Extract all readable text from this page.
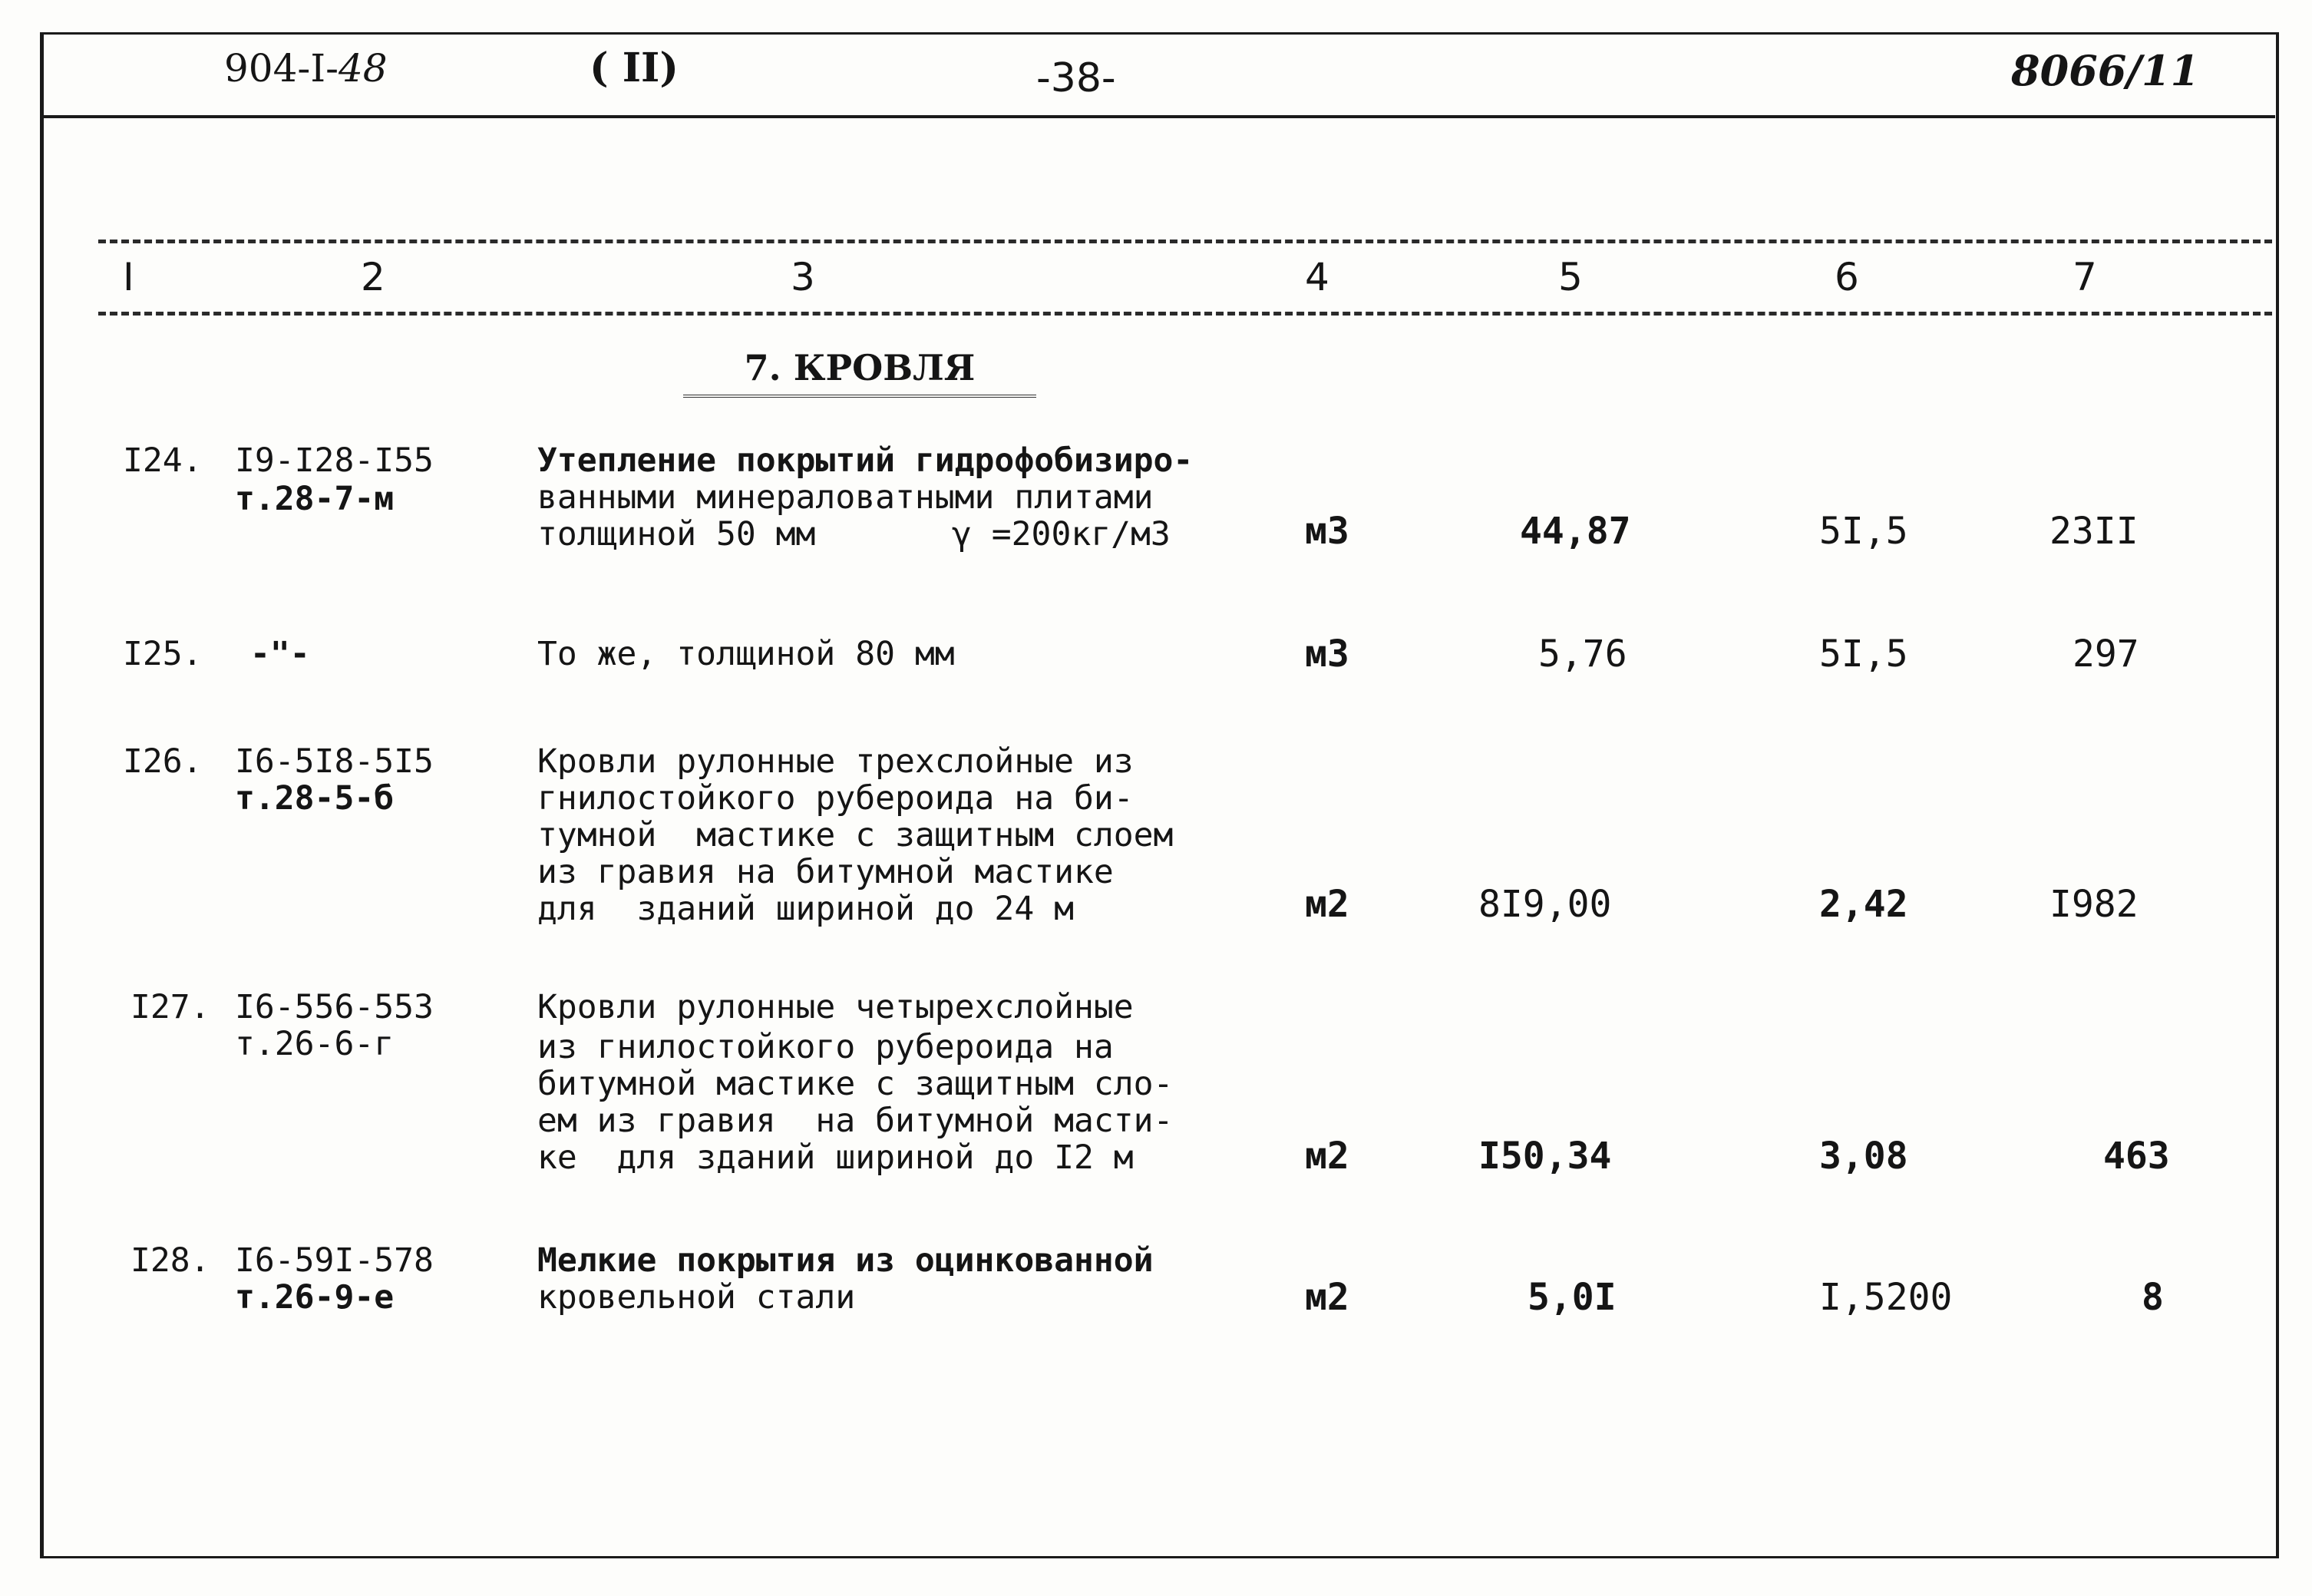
904-I-48	( II)	-38-	8066/11
I	2	3	4	5	6	7
7. КРОВЛЯ
I24. I9-I28-I55
т.28-7-м
Утепление покрытий гидрофобизиро-
ванными минераловатными плитами
толщиной 50 мм	γ =200кг/м3	м3	44,87	5I,5	23II
I25. -"-	То же, толщиной 80 мм	м3	5,76	5I,5	297
I26. I6-5I8-5I5
т.28-5-б
Кровли рулонные трехслойные из
гнилостойкого рубероида на би-
тумной  мастике с защитным слоем
из гравия на битумной мастике
для  зданий шириной до 24 м	м2	8I9,00	2,42	I982
I27. I6-556-553
т.26-6-г
Кровли рулонные четырехслойные
из гнилостойкого рубероида на
битумной мастике с защитным сло-
ем из гравия  на битумной масти-
ке  для зданий шириной до I2 м	м2	I50,34	3,08	463
I28. I6-59I-578
т.26-9-е
Мелкие покрытия из оцинкованной
кровельной стали	м2	5,0I	I,5200	8
